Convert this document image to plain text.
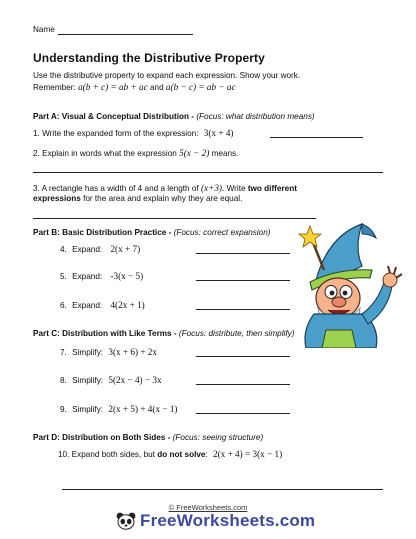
Name
Understanding the Distributive Property
Use the distributive property to expand each expression. Show your work.
Remember: a(b + c) = ab + ac and a(b − c) = ab − ac
Part A: Visual & Conceptual Distribution - (Focus: what distribution means)
1. Write the expanded form of the expression: 3(x + 4)
2. Explain in words what the expression 5(x − 2) means.
3. A rectangle has a width of 4 and a length of (x+3). Write two different
expressions for the area and explain why they are equal.
Part B: Basic Distribution Practice - (Focus: correct expansion)
4. Expand: 2(x + 7)
5. Expand: -3(x − 5)
6. Expand: 4(2x + 1)
Part C: Distribution with Like Terms - (Focus: distribute, then simplify)
7. Simplify: 3(x + 6) + 2x
8. Simplify: 5(2x − 4) − 3x
9. Simplify: 2(x + 5) + 4(x − 1)
Part D: Distribution on Both Sides - (Focus: seeing structure)
10. Expand both sides, but do not solve: 2(x + 4) = 3(x − 1)
© FreeWorksheets.com
FreeWorksheets.com
